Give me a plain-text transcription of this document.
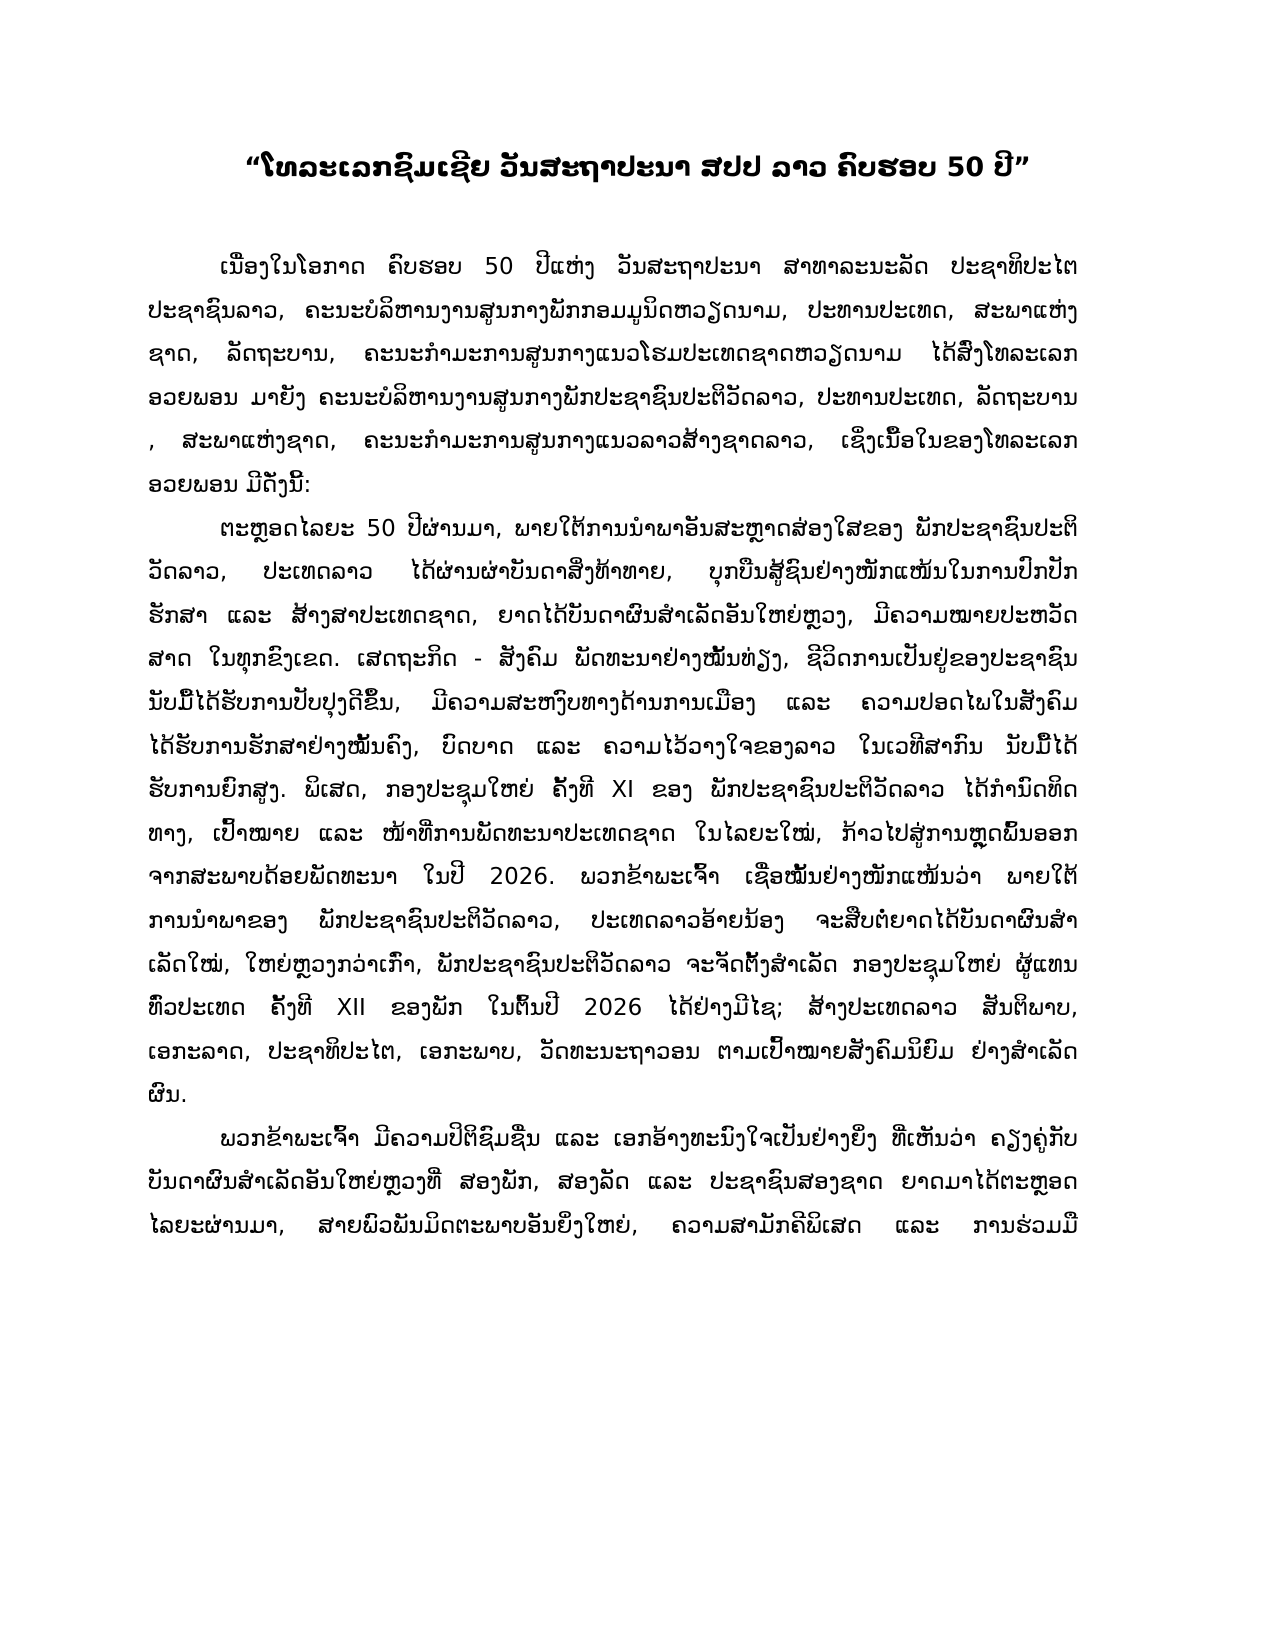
“ໂທລະເລກຊົມເຊີຍ ວັນສະຖາປະນາ ສປປ ລາວ ຄົບຮອບ 50 ປີ”

ເນື່ອງໃນໂອກາດ ຄົບຮອບ 50 ປີແຫ່ງ ວັນສະຖາປະນາ ສາທາລະນະລັດ ປະຊາທິປະໄຕ
ປະຊາຊົນລາວ, ຄະນະບໍລິຫານງານສູນກາງພັກກອມມູນິດຫວຽດນາມ, ປະທານປະເທດ, ສະພາແຫ່ງ
ຊາດ, ລັດຖະບານ, ຄະນະກຳມະການສູນກາງແນວໂຮມປະເທດຊາດຫວຽດນາມ ໄດ້ສົ່ງໂທລະເລກ
ອວຍພອນ ມາຍັງ ຄະນະບໍລິຫານງານສູນກາງພັກປະຊາຊົນປະຕິວັດລາວ, ປະທານປະເທດ, ລັດຖະບານ
, ສະພາແຫ່ງຊາດ, ຄະນະກຳມະການສູນກາງແນວລາວສ້າງຊາດລາວ, ເຊິ່ງເນື້ອໃນຂອງໂທລະເລກ
ອວຍພອນ ມີດັ່ງນີ້:

ຕະຫຼອດໄລຍະ 50 ປີຜ່ານມາ, ພາຍໃຕ້ການນຳພາອັນສະຫຼາດສ່ອງໃສຂອງ ພັກປະຊາຊົນປະຕິ
ວັດລາວ, ປະເທດລາວ ໄດ້ຜ່ານຜ່າບັນດາສິ່ງທ້າທາຍ, ບຸກບືນສູ້ຊົນຢ່າງໜັກແໜ້ນໃນການປົກປັກ
ຮັກສາ ແລະ ສ້າງສາປະເທດຊາດ, ຍາດໄດ້ບັນດາຜົນສຳເລັດອັນໃຫຍ່ຫຼວງ, ມີຄວາມໝາຍປະຫວັດ
ສາດ ໃນທຸກຂົງເຂດ. ເສດຖະກິດ - ສັງຄົມ ພັດທະນາຢ່າງໝັ້ນທ່ຽງ, ຊີວິດການເປັນຢູ່ຂອງປະຊາຊົນ
ນັບມື້ໄດ້ຮັບການປັບປຸງດີຂຶ້ນ, ມີຄວາມສະຫງົບທາງດ້ານການເມືອງ ແລະ ຄວາມປອດໄພໃນສັງຄົມ
ໄດ້ຮັບການຮັກສາຢ່າງໝັ້ນຄົງ, ບົດບາດ ແລະ ຄວາມໄວ້ວາງໃຈຂອງລາວ ໃນເວທີສາກົນ ນັບມື້ໄດ້
ຮັບການຍົກສູງ. ພິເສດ, ກອງປະຊຸມໃຫຍ່ ຄັ້ງທີ XI ຂອງ ພັກປະຊາຊົນປະຕິວັດລາວ ໄດ້ກຳນົດທິດ
ທາງ, ເປົ້າໝາຍ ແລະ ໜ້າທີ່ການພັດທະນາປະເທດຊາດ ໃນໄລຍະໃໝ່, ກ້າວໄປສູ່ການຫຼຸດພົ້ນອອກ
ຈາກສະພາບດ້ອຍພັດທະນາ ໃນປີ 2026. ພວກຂ້າພະເຈົ້າ ເຊື່ອໝັ້ນຢ່າງໜັກແໜ້ນວ່າ ພາຍໃຕ້
ການນຳພາຂອງ ພັກປະຊາຊົນປະຕິວັດລາວ, ປະເທດລາວອ້າຍນ້ອງ ຈະສືບຕໍ່ຍາດໄດ້ບັນດາຜົນສຳ
ເລັດໃໝ່, ໃຫຍ່ຫຼວງກວ່າເກົ່າ, ພັກປະຊາຊົນປະຕິວັດລາວ ຈະຈັດຕັ້ງສຳເລັດ ກອງປະຊຸມໃຫຍ່ ຜູ້ແທນ
ທົ່ວປະເທດ ຄັ້ງທີ XII ຂອງພັກ ໃນຕົ້ນປີ 2026 ໄດ້ຢ່າງມີໄຊ; ສ້າງປະເທດລາວ ສັນຕິພາບ,
ເອກະລາດ, ປະຊາທິປະໄຕ, ເອກະພາບ, ວັດທະນະຖາວອນ ຕາມເປົ້າໝາຍສັງຄົມນິຍົມ ຢ່າງສຳເລັດ
ຜົນ.

ພວກຂ້າພະເຈົ້າ ມີຄວາມປິຕິຊົມຊື່ນ ແລະ ເອກອ້າງທະນົງໃຈເປັນຢ່າງຍິ່ງ ທີ່ເຫັນວ່າ ຄຽງຄູ່ກັບ
ບັນດາຜົນສຳເລັດອັນໃຫຍ່ຫຼວງທີ່ ສອງພັກ, ສອງລັດ ແລະ ປະຊາຊົນສອງຊາດ ຍາດມາໄດ້ຕະຫຼອດ
ໄລຍະຜ່ານມາ, ສາຍພົວພັນມິດຕະພາບອັນຍິ່ງໃຫຍ່, ຄວາມສາມັກຄີພິເສດ ແລະ ການຮ່ວມມື
